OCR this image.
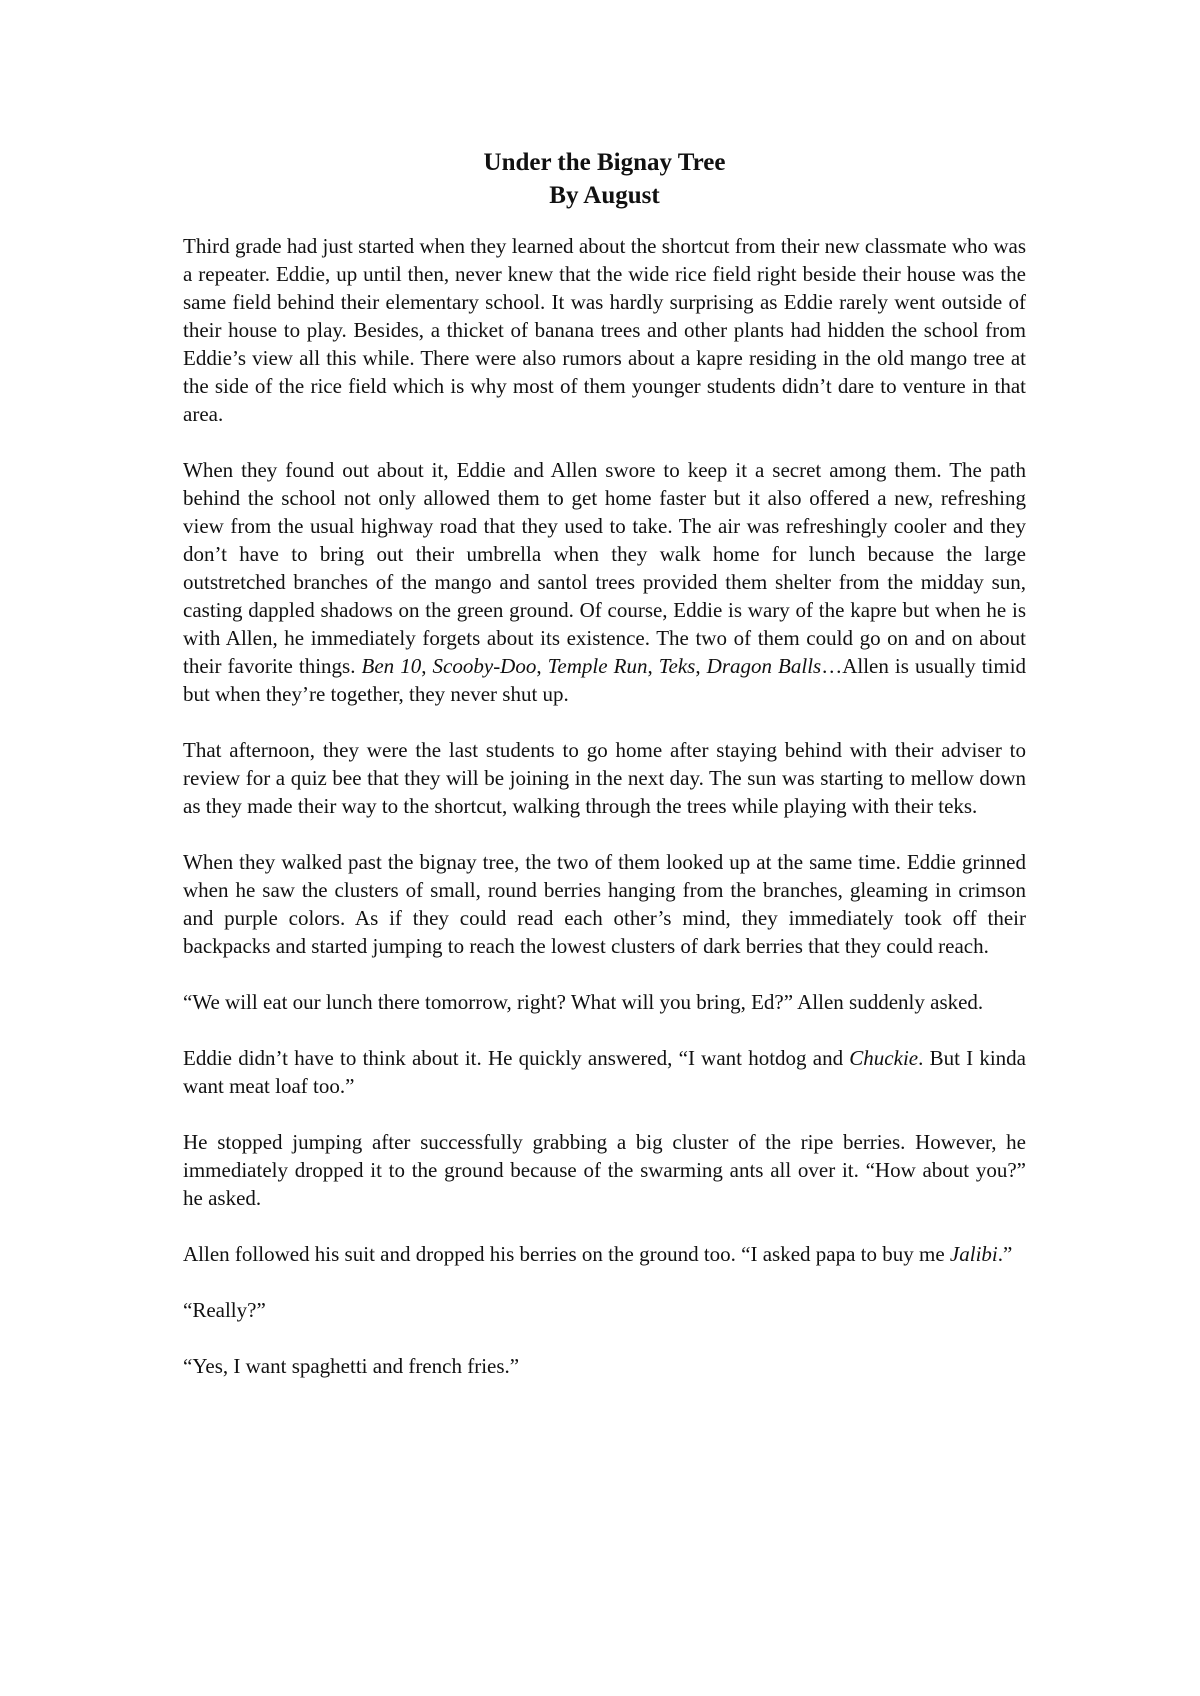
Under the Bignay Tree
By August

Third grade had just started when they learned about the shortcut from their new classmate who was a repeater. Eddie, up until then, never knew that the wide rice field right beside their house was the same field behind their elementary school. It was hardly surprising as Eddie rarely went outside of their house to play. Besides, a thicket of banana trees and other plants had hidden the school from Eddie’s view all this while. There were also rumors about a kapre residing in the old mango tree at the side of the rice field which is why most of them younger students didn’t dare to venture in that area.

When they found out about it, Eddie and Allen swore to keep it a secret among them. The path behind the school not only allowed them to get home faster but it also offered a new, refreshing view from the usual highway road that they used to take. The air was refreshingly cooler and they don’t have to bring out their umbrella when they walk home for lunch because the large outstretched branches of the mango and santol trees provided them shelter from the midday sun, casting dappled shadows on the green ground. Of course, Eddie is wary of the kapre but when he is with Allen, he immediately forgets about its existence. The two of them could go on and on about their favorite things. Ben 10, Scooby-Doo, Temple Run, Teks, Dragon Balls…Allen is usually timid but when they’re together, they never shut up.

That afternoon, they were the last students to go home after staying behind with their adviser to review for a quiz bee that they will be joining in the next day. The sun was starting to mellow down as they made their way to the shortcut, walking through the trees while playing with their teks.

When they walked past the bignay tree, the two of them looked up at the same time. Eddie grinned when he saw the clusters of small, round berries hanging from the branches, gleaming in crimson and purple colors. As if they could read each other’s mind, they immediately took off their backpacks and started jumping to reach the lowest clusters of dark berries that they could reach.

“We will eat our lunch there tomorrow, right? What will you bring, Ed?” Allen suddenly asked.

Eddie didn’t have to think about it. He quickly answered, “I want hotdog and Chuckie. But I kinda want meat loaf too.”

He stopped jumping after successfully grabbing a big cluster of the ripe berries. However, he immediately dropped it to the ground because of the swarming ants all over it. “How about you?” he asked.

Allen followed his suit and dropped his berries on the ground too. “I asked papa to buy me Jalibi.”

“Really?”

“Yes, I want spaghetti and french fries.”
